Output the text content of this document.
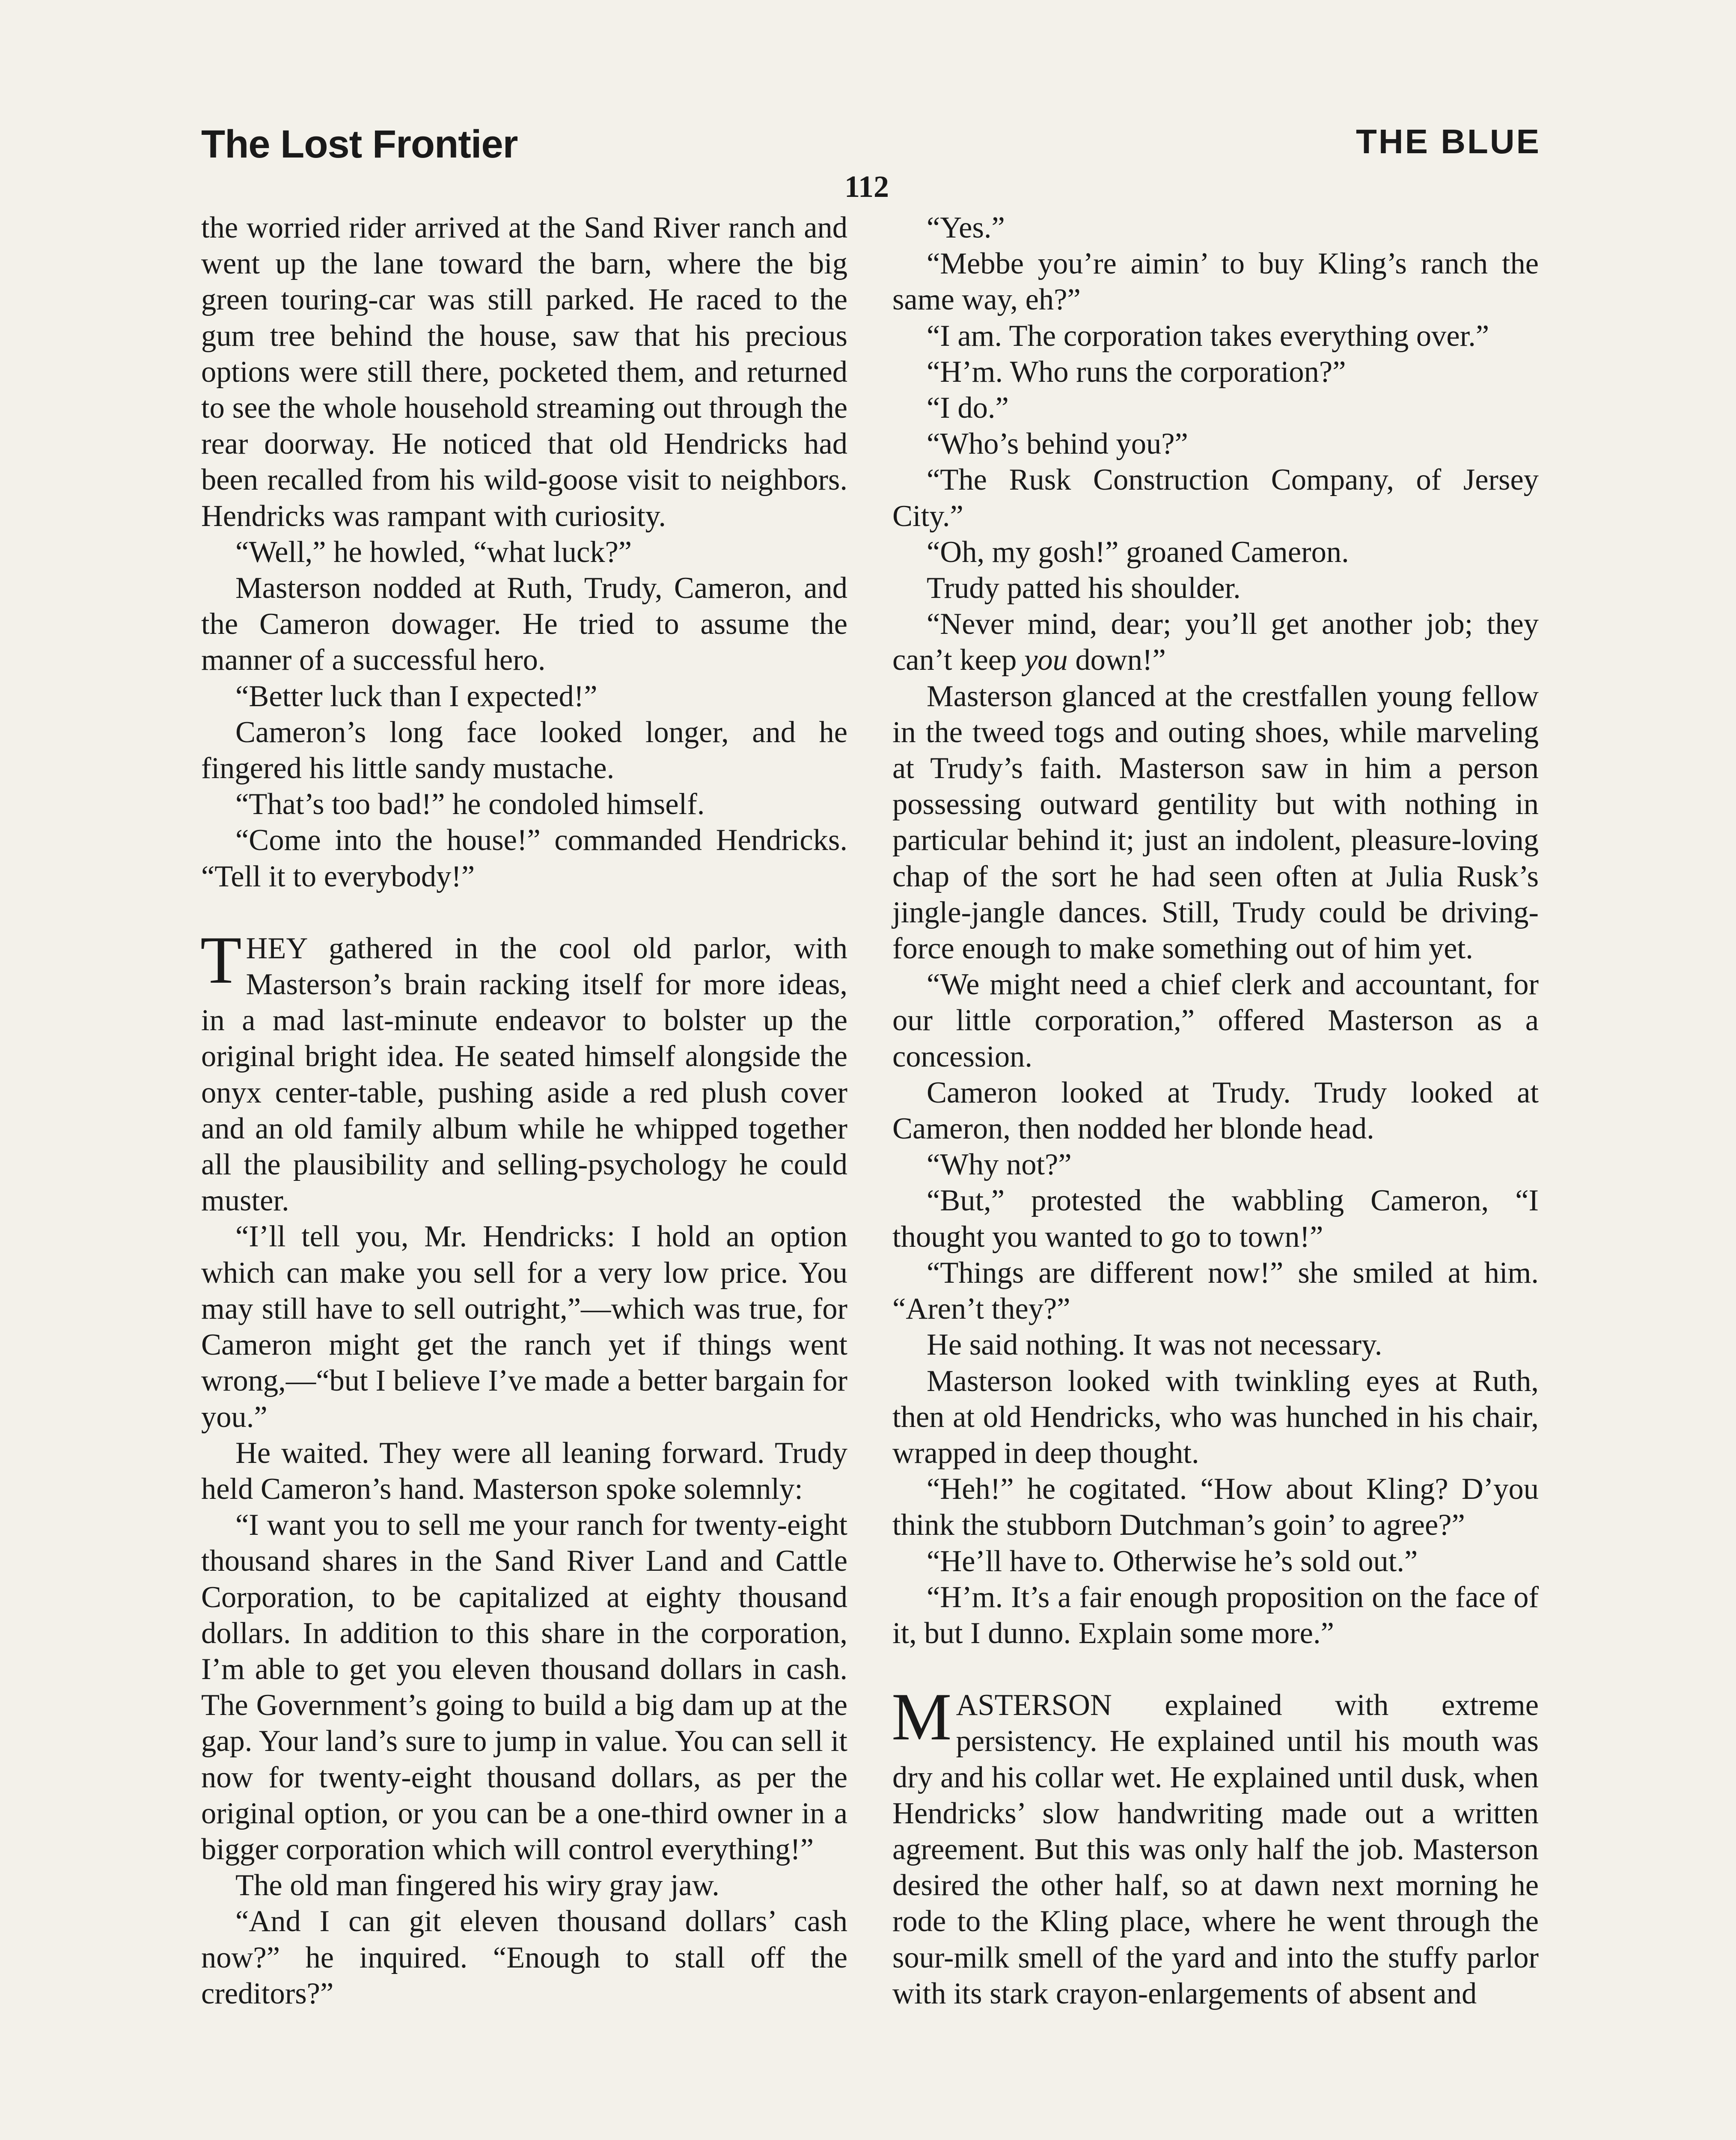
The Lost Frontier	THE BLUE
112

the worried rider arrived at the Sand River ranch and went up the lane toward the barn, where the big green touring-car was still parked. He raced to the gum tree behind the house, saw that his precious options were still there, pocketed them, and returned to see the whole household streaming out through the rear doorway. He noticed that old Hendricks had been recalled from his wild-goose visit to neighbors. Hendricks was rampant with curiosity.

“Well,” he howled, “what luck?”

Masterson nodded at Ruth, Trudy, Cameron, and the Cameron dowager. He tried to assume the manner of a successful hero.

“Better luck than I expected!”

Cameron’s long face looked longer, and he fingered his little sandy mustache.

“That’s too bad!” he condoled himself.

“Come into the house!” commanded Hendricks. “Tell it to everybody!”

THEY gathered in the cool old parlor, with Masterson’s brain racking itself for more ideas, in a mad last-minute endeavor to bolster up the original bright idea. He seated himself alongside the onyx center-table, pushing aside a red plush cover and an old family album while he whipped together all the plausibility and selling-psychology he could muster.

“I’ll tell you, Mr. Hendricks: I hold an option which can make you sell for a very low price. You may still have to sell outright,”—which was true, for Cameron might get the ranch yet if things went wrong,—“but I believe I’ve made a better bargain for you.”

He waited. They were all leaning forward. Trudy held Cameron’s hand. Masterson spoke solemnly:

“I want you to sell me your ranch for twenty-eight thousand shares in the Sand River Land and Cattle Corporation, to be capitalized at eighty thousand dollars. In addition to this share in the corporation, I’m able to get you eleven thousand dollars in cash. The Government’s going to build a big dam up at the gap. Your land’s sure to jump in value. You can sell it now for twenty-eight thousand dollars, as per the original option, or you can be a one-third owner in a bigger corporation which will control everything!”

The old man fingered his wiry gray jaw.

“And I can git eleven thousand dollars’ cash now?” he inquired. “Enough to stall off the creditors?”

“Yes.”

“Mebbe you’re aimin’ to buy Kling’s ranch the same way, eh?”

“I am. The corporation takes everything over.”

“H’m. Who runs the corporation?”

“I do.”

“Who’s behind you?”

“The Rusk Construction Company, of Jersey City.”

“Oh, my gosh!” groaned Cameron.

Trudy patted his shoulder.

“Never mind, dear; you’ll get another job; they can’t keep you down!”

Masterson glanced at the crestfallen young fellow in the tweed togs and outing shoes, while marveling at Trudy’s faith. Masterson saw in him a person possessing outward gentility but with nothing in particular behind it; just an indolent, pleasure-loving chap of the sort he had seen often at Julia Rusk’s jingle-jangle dances. Still, Trudy could be driving-force enough to make something out of him yet.

“We might need a chief clerk and accountant, for our little corporation,” offered Masterson as a concession.

Cameron looked at Trudy. Trudy looked at Cameron, then nodded her blonde head.

“Why not?”

“But,” protested the wabbling Cameron, “I thought you wanted to go to town!”

“Things are different now!” she smiled at him. “Aren’t they?”

He said nothing. It was not necessary.

Masterson looked with twinkling eyes at Ruth, then at old Hendricks, who was hunched in his chair, wrapped in deep thought.

“Heh!” he cogitated. “How about Kling? D’you think the stubborn Dutchman’s goin’ to agree?”

“He’ll have to. Otherwise he’s sold out.”

“H’m. It’s a fair enough proposition on the face of it, but I dunno. Explain some more.”

MASTERSON explained with extreme persistency. He explained until his mouth was dry and his collar wet. He explained until dusk, when Hendricks’ slow handwriting made out a written agreement. But this was only half the job. Masterson desired the other half, so at dawn next morning he rode to the Kling place, where he went through the sour-milk smell of the yard and into the stuffy parlor with its stark crayon-enlargements of absent and
